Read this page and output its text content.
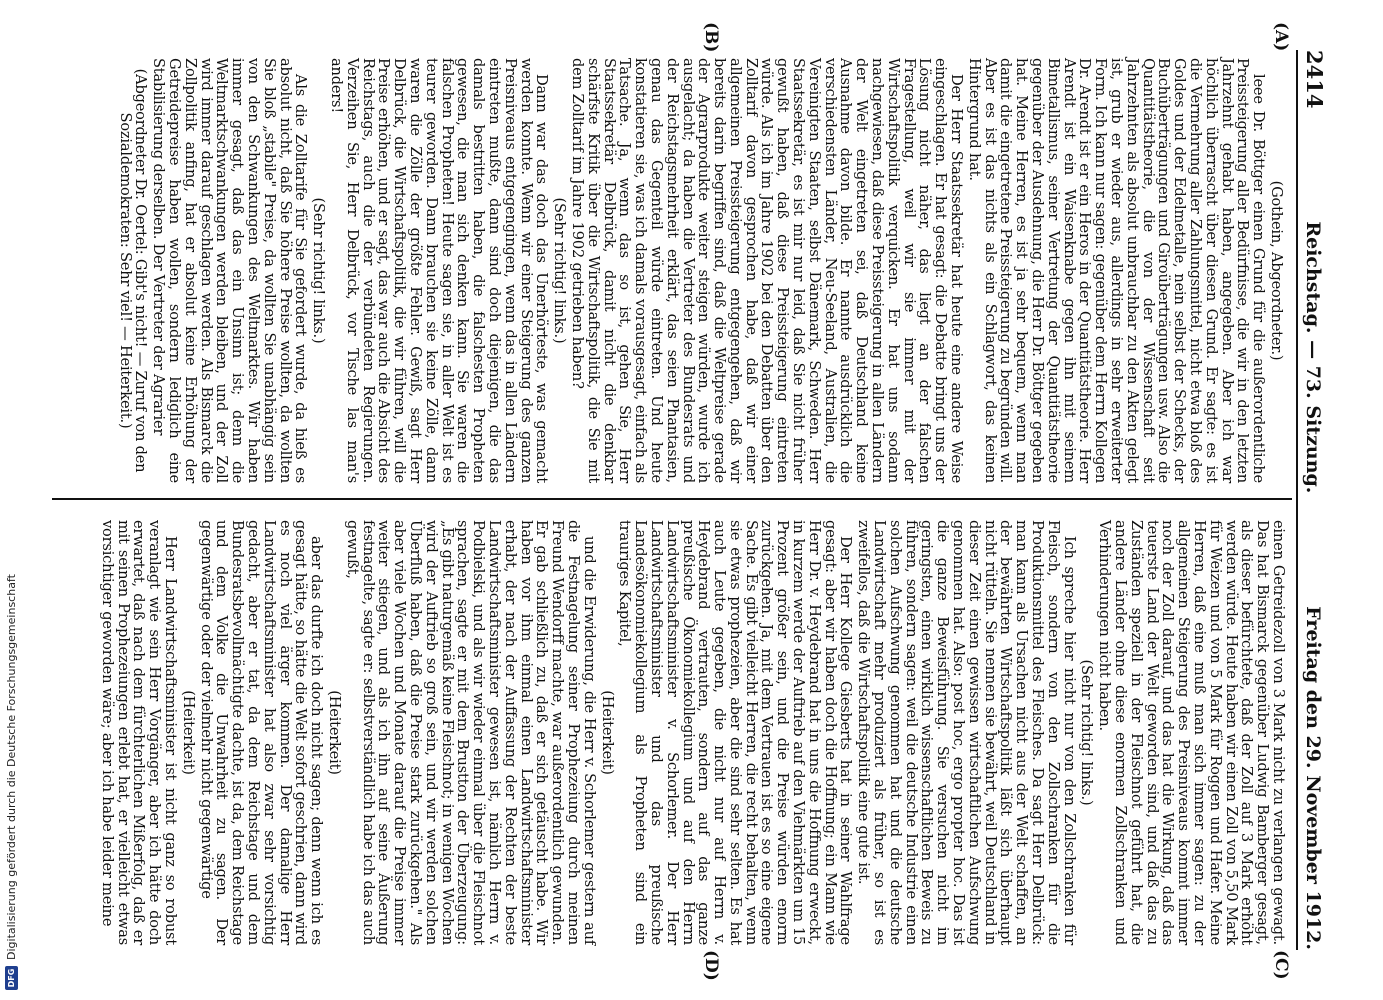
DFG
Digitalisierung gefördert durch die Deutsche Forschungsgemeinschaft
2414
Reichstag. — 73. Sitzung.
Freitag den 29. November 1912.
(A)
(B)
(C)
(D)

(Gothein, Abgeordneter.)

leee Dr. Böttger einen Grund für die außerordentliche Preissteigerung aller Bedürfnisse, die wir in den letzten Jahrzehnt gehabt haben, angegeben. Aber ich war höchlich überrascht über diesen Grund. Er sagte: es ist die Vermehrung aller Zahlungsmittel, nicht etwa bloß des Goldes und der Edelmetalle, nein selbst der Schecks, der Buchüberträgungen und Giroüberträgungen usw. Also die Quantitätstheorie, die von der Wissenschaft seit Jahrzehnten als absolut unbrauchbar zu den Akten gelegt ist, grub er wieder aus, allerdings in sehr erweiterter Form. Ich kann nur sagen: gegenüber dem Herrn Kollegen Dr. Arendt ist er ein Heros in der Quantitätstheorie. Herr Arendt ist ein Waisenknabe gegen ihn mit seinem Bimetallismus, seiner Vertretung der Quantitätstheorie gegenüber der Ausdehnung, die Herr Dr. Böttger gegeben hat. Meine Herren, es ist ja sehr bequem, wenn man damit die eingetretene Preissteigerung zu begründen will. Aber es ist das nichts als ein Schlagwort, das keinen Hintergrund hat.

Der Herr Staatssekretär hat heute eine andere Weise eingeschlagen. Er hat gesagt: die Debatte bringt uns der Lösung nicht näher, das liegt an der falschen Fragestellung, weil wir sie immer mit der Wirtschaftspolitik verquicken. Er hat uns sodann nachgewiesen, daß diese Preissteigerung in allen Ländern der Welt eingetreten sei, daß Deutschland keine Ausnahme davon bilde. Er nannte ausdrücklich die verschiedensten Länder, Neu-Seeland, Australien, die Vereinigten Staaten, selbst Dänemark, Schweden. Herr Staatssekretär, es ist mir nur leid, daß Sie nicht früher gewußt haben, daß diese Preissteigerung eintreten würde. Als ich im Jahre 1902 bei den Debatten über den Zolltarif davon gesprochen habe, daß wir einer allgemeinen Preissteigerung entgegengehen, daß wir bereits darin begriffen sind, daß die Weltpreise gerade der Agrarprodukte weiter steigen würden, wurde ich ausgelacht; da haben die Vertreter des Bundesrats und der Reichstagsmehrheit erklärt, das seien Phantasien, genau das Gegenteil würde eintreten. Und heute konstatieren sie, was ich damals vorausgesagt, einfach als Tatsache. Ja, wenn das so ist, gehen Sie, Herr Staatssekretär Delbrück, damit nicht die denkbar schärfste Kritik über die Wirtschaftspolitik, die Sie mit dem Zolltarif im Jahre 1902 getrieben haben?

(Sehr richtig! links.)

Dann war das doch das Unerhörteste, was gemacht werden konnte. Wenn wir einer Steigerung des ganzen Preisniveaus entgegengingen, wenn das in allen Ländern eintreten mußte, dann sind doch diejenigen, die das damals bestritten haben, die falschesten Propheten gewesen, die man sich denken kann. Sie waren die falschen Propheten! Heute sagen sie, in aller Welt ist es teurer geworden. Dann brauchen sie keine Zölle, dann waren die Zölle der größte Fehler. Gewiß, sagt Herr Delbrück, die Wirtschaftspolitik, die wir führen, will die Preise erhöhen, und er sagt, das war auch die Absicht des Reichstags, auch die der verbündeten Regierungen. Verzeihen Sie, Herr Delbrück, vor Tische las man's anders!

(Sehr richtig! links.)

Als die Zolltarife für Sie gefordert wurde, da hieß es absolut nicht, daß Sie höhere Preise wollten, da wollten Sie bloß „stabile" Preise, da wollten Sie unabhängig sein von den Schwankungen des Weltmarktes. Wir haben immer gesagt, daß das ein Unsinn ist; denn die Weltmarktschwankungen werden bleiben, und der Zoll wird immer darauf geschlagen werden. Als Bismarck die Zollpolitik anfing, hat er absolut keine Erhöhung der Getreidepreise haben wollen, sondern lediglich eine Stabilisierung derselben. Der Vertreter der Agrarier

(Abgeordneter Dr. Oertel: Gibt's nicht! — Zuruf von den Sozialdemokraten: Sehr viel! — Heiterkeit.)

einen Getreidezoll von 3 Mark nicht zu verlangen gewagt. Das hat Bismarck gegenüber Ludwig Bamberger gesagt, als dieser befürchtete, daß der Zoll auf 3 Mark erhöht werden würde. Heute haben wir einen Zoll von 5,50 Mark für Weizen und von 5 Mark für Roggen und Hafer. Meine Herren, daß eine muß man sich immer sagen: zu der allgemeinen Steigerung des Preisniveaus kommt immer noch der Zoll darauf, und das hat die Wirkung, daß das teuerste Land der Welt geworden sind, und daß das zu Zuständen speziell in der Fleischnot geführt hat, die andere Länder ohne diese enormen Zollschranken und Verhinderungen nicht haben.

(Sehr richtig! links.)

Ich spreche hier nicht nur von den Zollschranken für Fleisch, sondern von den Zollschranken für die Produktionsmittel des Fleisches. Da sagt Herr Delbrück: man kann als Ursachen nicht aus der Welt schaffen, an der bewährten Wirtschaftspolitik läßt sich überhaupt nicht rütteln. Sie nennen sie bewährt, weil Deutschland in dieser Zeit einen gewissen wirtschaftlichen Aufschwung genommen hat. Also: post hoc, ergo propter hoc. Das ist die ganze Beweisführung. Sie versuchen nicht im geringsten, einen wirklich wissenschaftlichen Beweis zu führen, sondern sagen: weil die deutsche Industrie einen solchen Aufschwung genommen hat und die deutsche Landwirtschaft mehr produziert als früher, so ist es zweifellos, daß die Wirtschaftspolitik eine gute ist.

Der Herr Kollege Giesberts hat in seiner Wahlfrage gesagt: aber wir haben doch die Hoffnung; ein Mann wie Herr Dr. v. Heydebrand hat in uns die Hoffnung erweckt, in kurzem werde der Auftrieb auf den Viehmärkten um 15 Prozent größer sein, und die Preise würden enorm zurückgehen. Ja, mit dem Vertrauen ist es so eine eigene Sache. Es gibt vielleicht Herren, die recht behalten, wenn sie etwas prophezeien, aber die sind sehr selten. Es hat auch Leute gegeben, die nicht nur auf Herrn v. Heydebrand vertrauten, sondern auf das ganze preußische Ökonomiekollegium und auf den Herrn Landwirtschaftsminister v. Schorlemer. Der Herr Landwirtschaftsminister und das preußische Landesökonomiekollegium als Propheten sind ein trauriges Kapitel,

(Heiterkeit)

und die Erwiderung, die Herr v. Schorlemer gestern auf die Festnagelung seiner Prophezeiung durch meinen Freund Wendorff machte, war außerordentlich gewunden. Er gab schließlich zu, daß er sich getäuscht habe. Wir haben vor ihm einmal einen Landwirtschaftsminister erhabt, der nach der Auffassung der Rechten der beste Landwirtschaftsminister gewesen ist, nämlich Herrn v. Podbielski, und als wir wieder einmal über die Fleischnot sprachen, sagte er mit dem Brustton der Überzeugung: „Es gibt naturgemäß keine Fleischnot; in wenigen Wochen wird der Auftrieb so groß sein, und wir werden solchen Überfluß haben, daß die Preise stark zurückgehen." Als aber viele Wochen und Monate darauf die Preise immer weiter stiegen, und als ich ihn auf seine Äußerung festnagelte, sagte er: selbstverständlich habe ich das auch gewußt,

(Heiterkeit)

aber das durfte ich doch nicht sagen; denn wenn ich es gesagt hätte, so hätte die Welt sofort geschrien, dann wird es noch viel ärger kommen. Der damalige Herr Landwirtschaftsminister hat also zwar sehr vorsichtig gedacht, aber er tat, da dem Reichstage und dem Bundesratsbevollmächtigte dachte, ist da, dem Reichstage und dem Volke die Unwahrheit zu sagen. Der gegenwärtige oder der vielmehr nicht gegenwärtige

(Heiterkeit)

Herr Landwirtschaftsminister ist nicht ganz so robust veranlagt wie sein Herr Vorgänger, aber ich hätte doch erwartet, daß nach dem fürchterlichen Mißerfolg, daß er mit seinen Prophezeiungen erlebt hat, er vielleicht etwas vorsichtiger geworden wäre; aber ich habe leider meine
